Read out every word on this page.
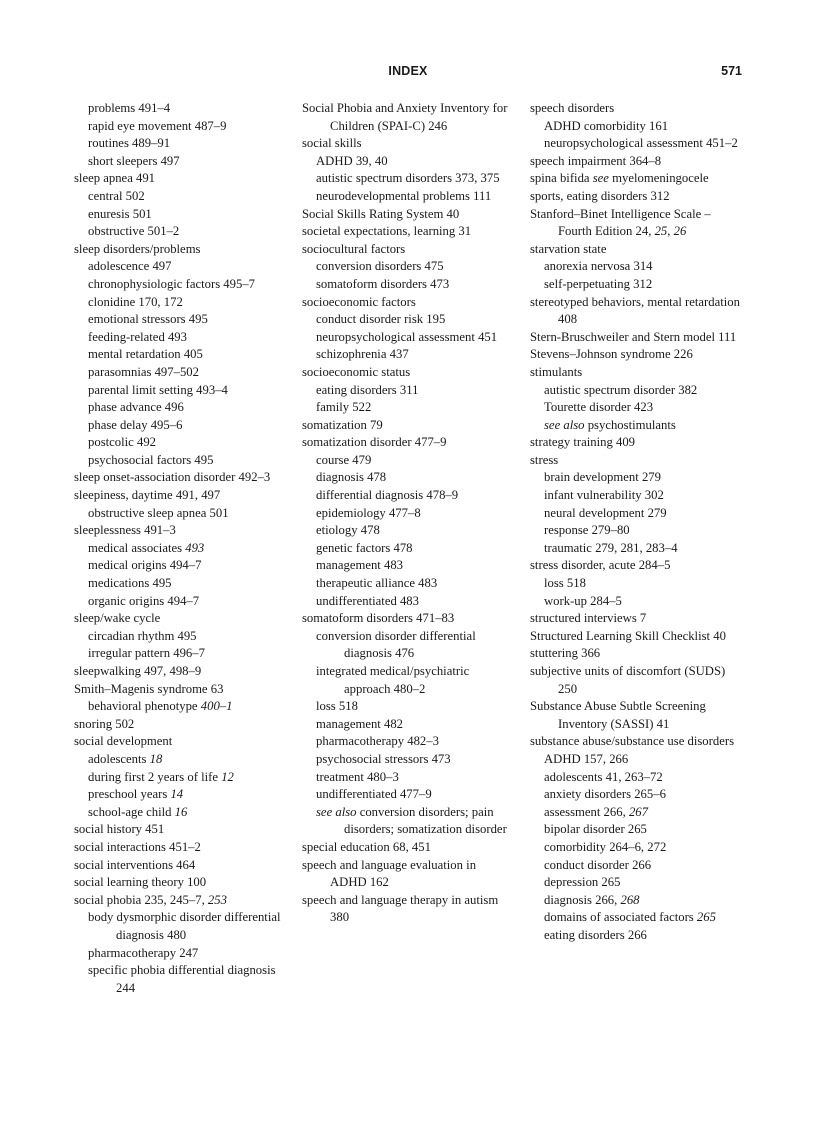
INDEX	571
problems 491–4
rapid eye movement 487–9
routines 489–91
short sleepers 497
sleep apnea 491
central 502
enuresis 501
obstructive 501–2
sleep disorders/problems
adolescence 497
chronophysiologic factors 495–7
clonidine 170, 172
emotional stressors 495
feeding-related 493
mental retardation 405
parasomnias 497–502
parental limit setting 493–4
phase advance 496
phase delay 495–6
postcolic 492
psychosocial factors 495
sleep onset-association disorder 492–3
sleepiness, daytime 491, 497
obstructive sleep apnea 501
sleeplessness 491–3
medical associates 493
medical origins 494–7
medications 495
organic origins 494–7
sleep/wake cycle
circadian rhythm 495
irregular pattern 496–7
sleepwalking 497, 498–9
Smith–Magenis syndrome 63
behavioral phenotype 400–1
snoring 502
social development
adolescents 18
during first 2 years of life 12
preschool years 14
school-age child 16
social history 451
social interactions 451–2
social interventions 464
social learning theory 100
social phobia 235, 245–7, 253
body dysmorphic disorder differential diagnosis 480
pharmacotherapy 247
specific phobia differential diagnosis 244
Social Phobia and Anxiety Inventory for Children (SPAI-C) 246
social skills
ADHD 39, 40
autistic spectrum disorders 373, 375
neurodevelopmental problems 111
Social Skills Rating System 40
societal expectations, learning 31
sociocultural factors
conversion disorders 475
somatoform disorders 473
socioeconomic factors
conduct disorder risk 195
neuropsychological assessment 451
schizophrenia 437
socioeconomic status
eating disorders 311
family 522
somatization 79
somatization disorder 477–9
course 479
diagnosis 478
differential diagnosis 478–9
epidemiology 477–8
etiology 478
genetic factors 478
management 483
therapeutic alliance 483
undifferentiated 483
somatoform disorders 471–83
conversion disorder differential diagnosis 476
integrated medical/psychiatric approach 480–2
loss 518
management 482
pharmacotherapy 482–3
psychosocial stressors 473
treatment 480–3
undifferentiated 477–9
see also conversion disorders; pain disorders; somatization disorder
special education 68, 451
speech and language evaluation in ADHD 162
speech and language therapy in autism 380
speech disorders
ADHD comorbidity 161
neuropsychological assessment 451–2
speech impairment 364–8
spina bifida see myelomeningocele
sports, eating disorders 312
Stanford–Binet Intelligence Scale – Fourth Edition 24, 25, 26
starvation state
anorexia nervosa 314
self-perpetuating 312
stereotyped behaviors, mental retardation 408
Stern-Bruschweiler and Stern model 111
Stevens–Johnson syndrome 226
stimulants
autistic spectrum disorder 382
Tourette disorder 423
see also psychostimulants
strategy training 409
stress
brain development 279
infant vulnerability 302
neural development 279
response 279–80
traumatic 279, 281, 283–4
stress disorder, acute 284–5
loss 518
work-up 284–5
structured interviews 7
Structured Learning Skill Checklist 40
stuttering 366
subjective units of discomfort (SUDS) 250
Substance Abuse Subtle Screening Inventory (SASSI) 41
substance abuse/substance use disorders
ADHD 157, 266
adolescents 41, 263–72
anxiety disorders 265–6
assessment 266, 267
bipolar disorder 265
comorbidity 264–6, 272
conduct disorder 266
depression 265
diagnosis 266, 268
domains of associated factors 265
eating disorders 266
